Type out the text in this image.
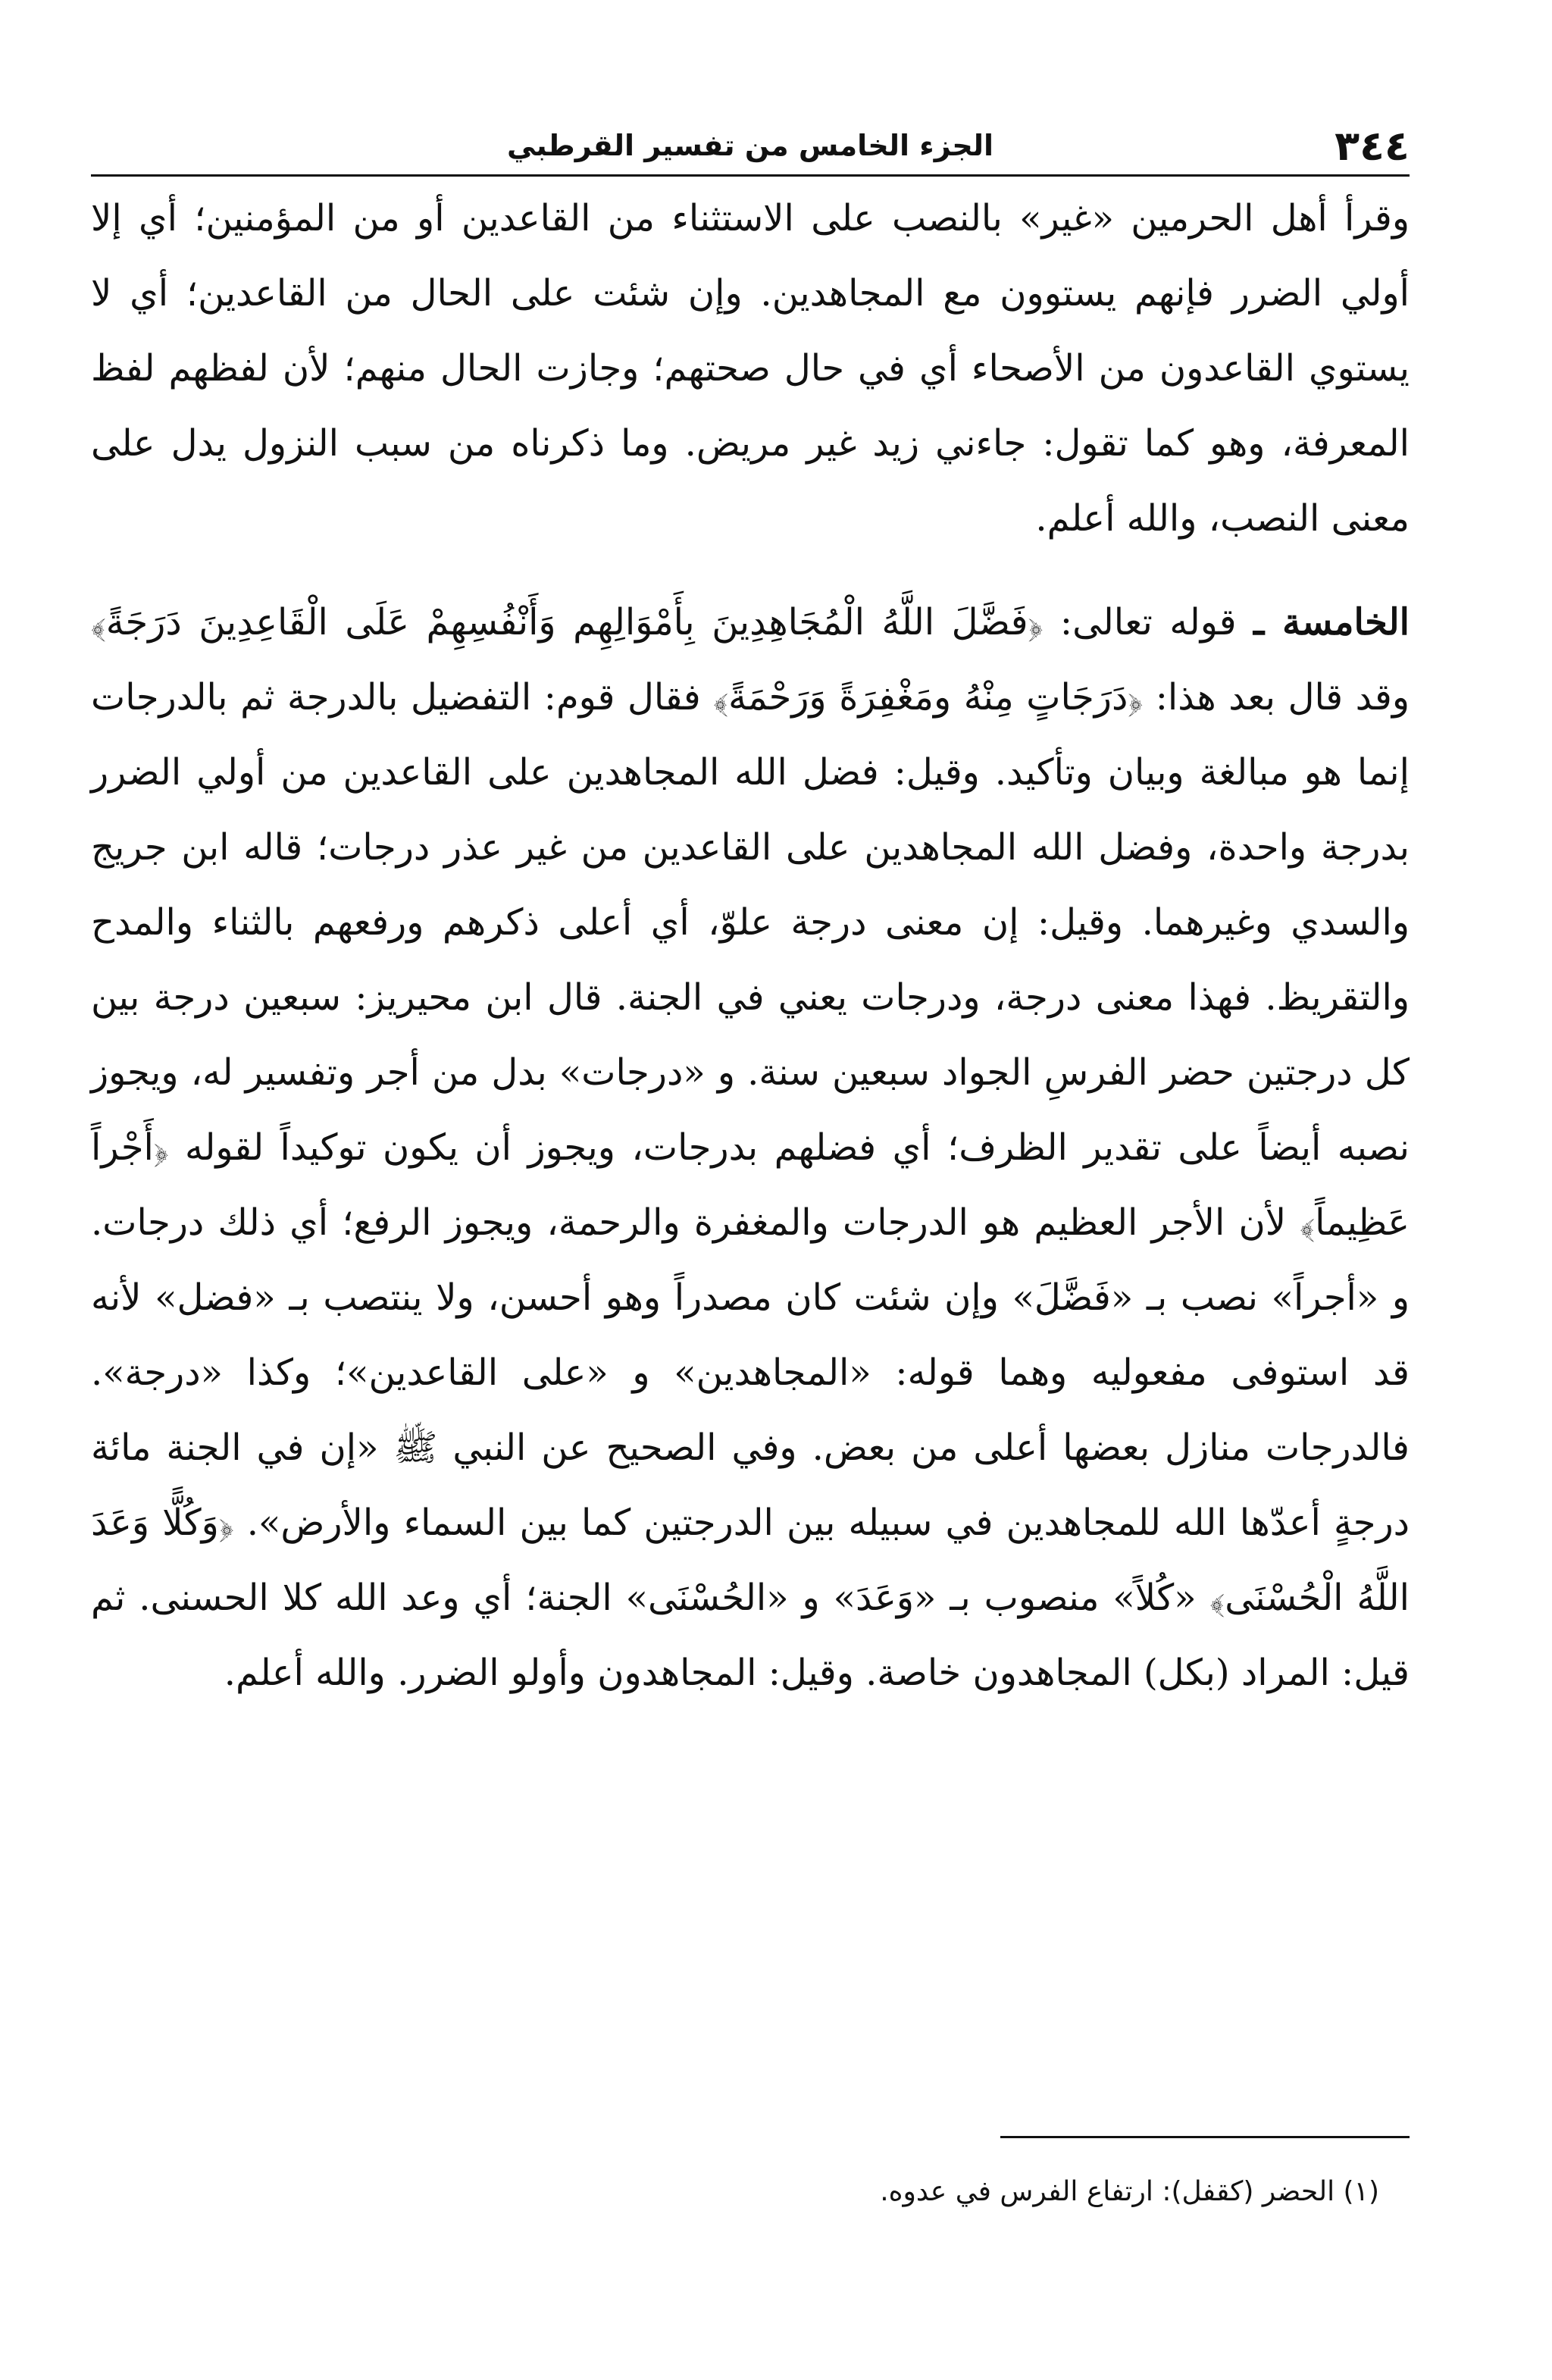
٣٤٤
الجزء الخامس من تفسير القرطبي

وقرأ أهل الحرمين «غير» بالنصب على الاستثناء من القاعدين أو من المؤمنين؛ أي إلا أولي الضرر فإنهم يستوون مع المجاهدين. وإن شئت على الحال من القاعدين؛ أي لا يستوي القاعدون من الأصحاء أي في حال صحتهم؛ وجازت الحال منهم؛ لأن لفظهم لفظ المعرفة، وهو كما تقول: جاءني زيد غير مريض. وما ذكرناه من سبب النزول يدل على معنى النصب، والله أعلم.

الخامسة ـ قوله تعالى: ﴿فَضَّلَ اللَّهُ الْمُجَاهِدِينَ بِأَمْوَالِهِم وَأَنْفُسِهِمْ عَلَى الْقَاعِدِينَ دَرَجَةً﴾ وقد قال بعد هذا: ﴿دَرَجَاتٍ مِنْهُ ومَغْفِرَةً وَرَحْمَةً﴾ فقال قوم: التفضيل بالدرجة ثم بالدرجات إنما هو مبالغة وبيان وتأكيد. وقيل: فضل الله المجاهدين على القاعدين من أولي الضرر بدرجة واحدة، وفضل الله المجاهدين على القاعدين من غير عذر درجات؛ قاله ابن جريج والسدي وغيرهما. وقيل: إن معنى درجة علوّ، أي أعلى ذكرهم ورفعهم بالثناء والمدح والتقريظ. فهذا معنى درجة، ودرجات يعني في الجنة. قال ابن محيريز: سبعين درجة بين كل درجتين حضر الفرسِ الجواد سبعين سنة. و «درجات» بدل من أجر وتفسير له، ويجوز نصبه أيضاً على تقدير الظرف؛ أي فضلهم بدرجات، ويجوز أن يكون توكيداً لقوله ﴿أَجْراً عَظِيماً﴾ لأن الأجر العظيم هو الدرجات والمغفرة والرحمة، ويجوز الرفع؛ أي ذلك درجات. و «أجراً» نصب بـ «فَضَّلَ» وإن شئت كان مصدراً وهو أحسن، ولا ينتصب بـ «فضل» لأنه قد استوفى مفعوليه وهما قوله: «المجاهدين» و «على القاعدين»؛ وكذا «درجة». فالدرجات منازل بعضها أعلى من بعض. وفي الصحيح عن النبي ﷺ «إن في الجنة مائة درجةٍ أعدّها الله للمجاهدين في سبيله بين الدرجتين كما بين السماء والأرض». ﴿وَكُلًّا وَعَدَ اللَّهُ الْحُسْنَى﴾ «كُلاً» منصوب بـ «وَعَدَ» و «الحُسْنَى» الجنة؛ أي وعد الله كلا الحسنى. ثم قيل: المراد (بكل) المجاهدون خاصة. وقيل: المجاهدون وأولو الضرر. والله أعلم.

(١) الحضر (كقفل): ارتفاع الفرس في عدوه.
